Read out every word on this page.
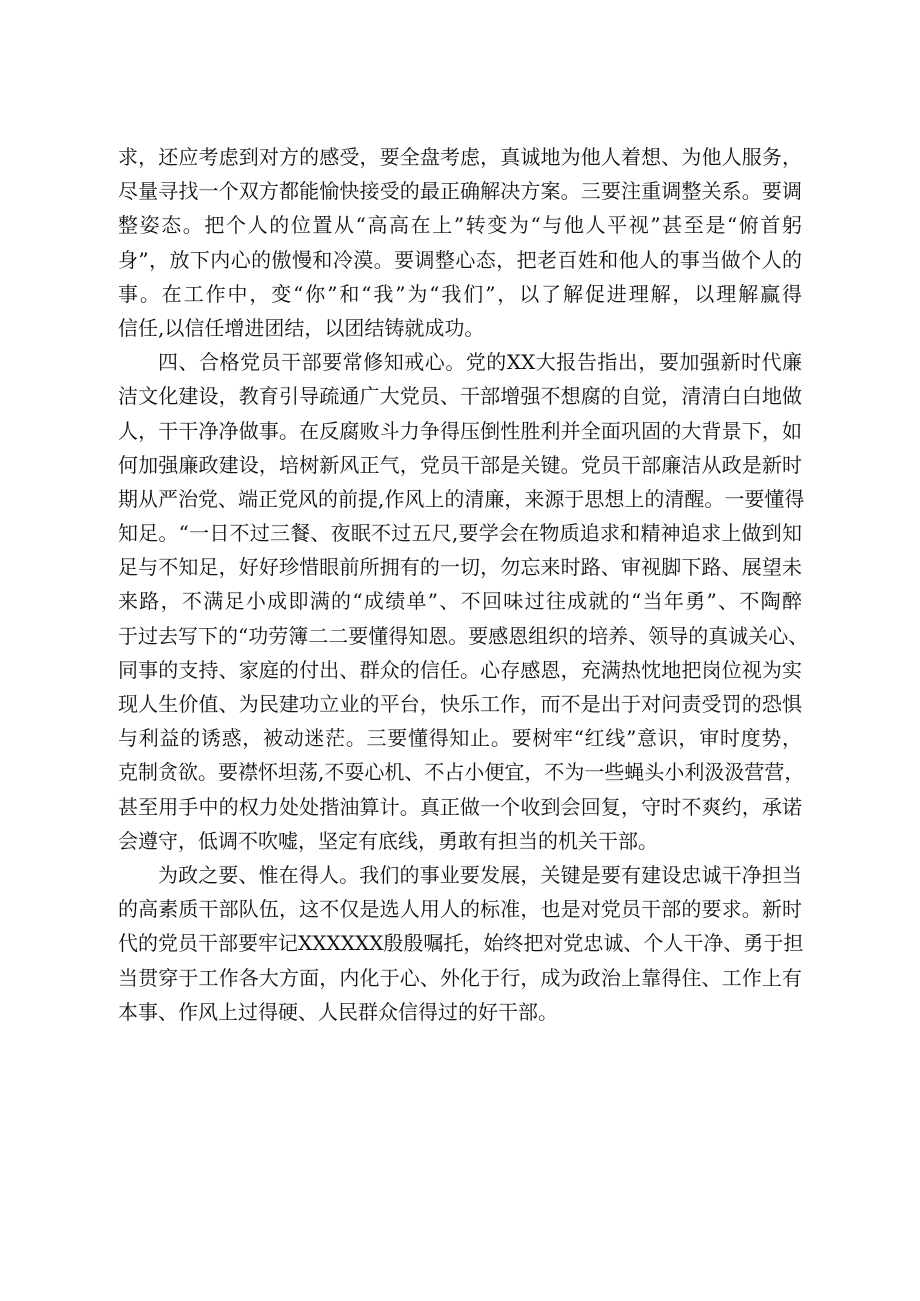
求，还应考虑到对方的感受，要全盘考虑，真诚地为他人着想、为他人服务，
尽量寻找一个双方都能愉快接受的最正确解决方案。三要注重调整关系。要调
整姿态。把个人的位置从“高高在上”转变为“与他人平视”甚至是“俯首躬
身”，放下内心的傲慢和冷漠。要调整心态，把老百姓和他人的事当做个人的
事。在工作中，变“你”和“我”为“我们”，以了解促进理解，以理解赢得
信任,以信任增进团结，以团结铸就成功。
四、合格党员干部要常修知戒心。党的XX大报告指出，要加强新时代廉
洁文化建设，教育引导疏通广大党员、干部增强不想腐的自觉，清清白白地做
人，干干净净做事。在反腐败斗力争得压倒性胜利并全面巩固的大背景下，如
何加强廉政建设，培树新风正气，党员干部是关键。党员干部廉洁从政是新时
期从严治党、端正党风的前提,作风上的清廉，来源于思想上的清醒。一要懂得
知足。“一日不过三餐、夜眠不过五尺,要学会在物质追求和精神追求上做到知
足与不知足，好好珍惜眼前所拥有的一切，勿忘来时路、审视脚下路、展望未
来路，不满足小成即满的“成绩单”、不回味过往成就的“当年勇”、不陶醉
于过去写下的“功劳簿二二要懂得知恩。要感恩组织的培养、领导的真诚关心、
同事的支持、家庭的付出、群众的信任。心存感恩，充满热忱地把岗位视为实
现人生价值、为民建功立业的平台，快乐工作，而不是出于对问责受罚的恐惧
与利益的诱惑，被动迷茫。三要懂得知止。要树牢“红线”意识，审时度势，
克制贪欲。要襟怀坦荡,不耍心机、不占小便宜，不为一些蝇头小利汲汲营营，
甚至用手中的权力处处揩油算计。真正做一个收到会回复，守时不爽约，承诺
会遵守，低调不吹嘘，坚定有底线，勇敢有担当的机关干部。
为政之要、惟在得人。我们的事业要发展，关键是要有建设忠诚干净担当
的高素质干部队伍，这不仅是选人用人的标准，也是对党员干部的要求。新时
代的党员干部要牢记XXXXXX殷殷嘱托，始终把对党忠诚、个人干净、勇于担
当贯穿于工作各大方面，内化于心、外化于行，成为政治上靠得住、工作上有
本事、作风上过得硬、人民群众信得过的好干部。
